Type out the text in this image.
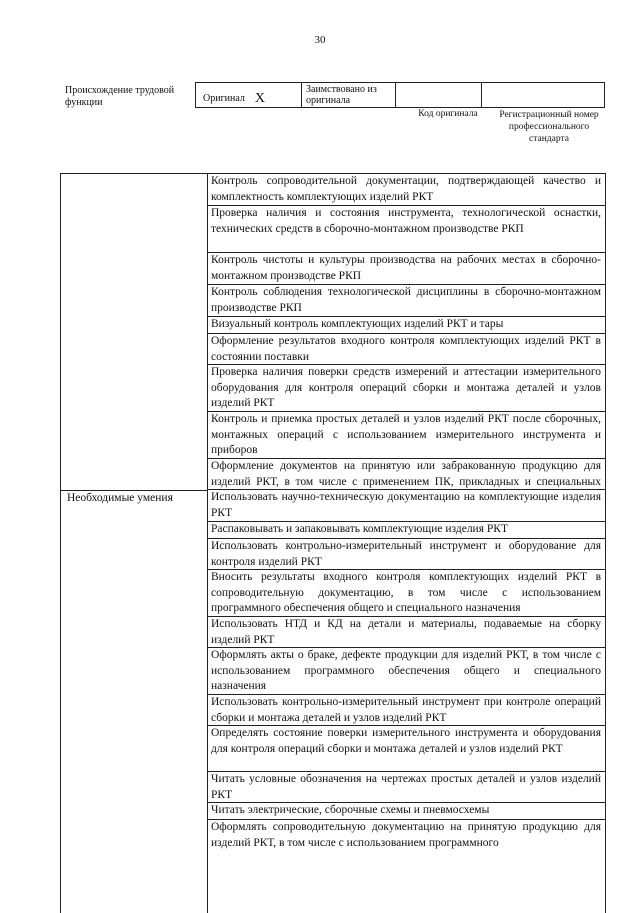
30
Происхождение трудовой функции	Оригинал X
Заимствовано из оригинала
Код оригинала	Регистрационный номер профессионального стандарта
Необходимые умения
Контроль сопроводительной документации, подтверждающей качество и комплектность комплектующих изделий РКТ
Проверка наличия и состояния инструмента, технологической оснастки, технических средств в сборочно-монтажном производстве РКП
Контроль чистоты и культуры производства на рабочих местах в сборочно-монтажном производстве РКП
Контроль соблюдения технологической дисциплины в сборочно-монтажном производстве РКП
Визуальный контроль комплектующих изделий РКТ и тары
Оформление результатов входного контроля комплектующих изделий РКТ в состоянии поставки
Проверка наличия поверки средств измерений и аттестации измерительного оборудования для контроля операций сборки и монтажа деталей и узлов изделий РКТ
Контроль и приемка простых деталей и узлов изделий РКТ после сборочных, монтажных операций с использованием измерительного инструмента и приборов
Оформление документов на принятую или забракованную продукцию для изделий РКТ, в том числе с применением ПК, прикладных и специальных
Использовать научно-техническую документацию на комплектующие изделия РКТ
Распаковывать и запаковывать комплектующие изделия РКТ
Использовать контрольно-измерительный инструмент и оборудование для контроля изделий РКТ
Вносить результаты входного контроля комплектующих изделий РКТ в сопроводительную документацию, в том числе с использованием программного обеспечения общего и специального назначения
Использовать НТД и КД на детали и материалы, подаваемые на сборку изделий РКТ
Оформлять акты о браке, дефекте продукции для изделий РКТ, в том числе с использованием программного обеспечения общего и специального назначения
Использовать контрольно-измерительный инструмент при контроле операций сборки и монтажа деталей и узлов изделий РКТ
Определять состояние поверки измерительного инструмента и оборудования для контроля операций сборки и монтажа деталей и узлов изделий РКТ
Читать условные обозначения на чертежах простых деталей и узлов изделий РКТ
Читать электрические, сборочные схемы и пневмосхемы
Оформлять сопроводительную документацию на принятую продукцию для изделий РКТ, в том числе с использованием программного
